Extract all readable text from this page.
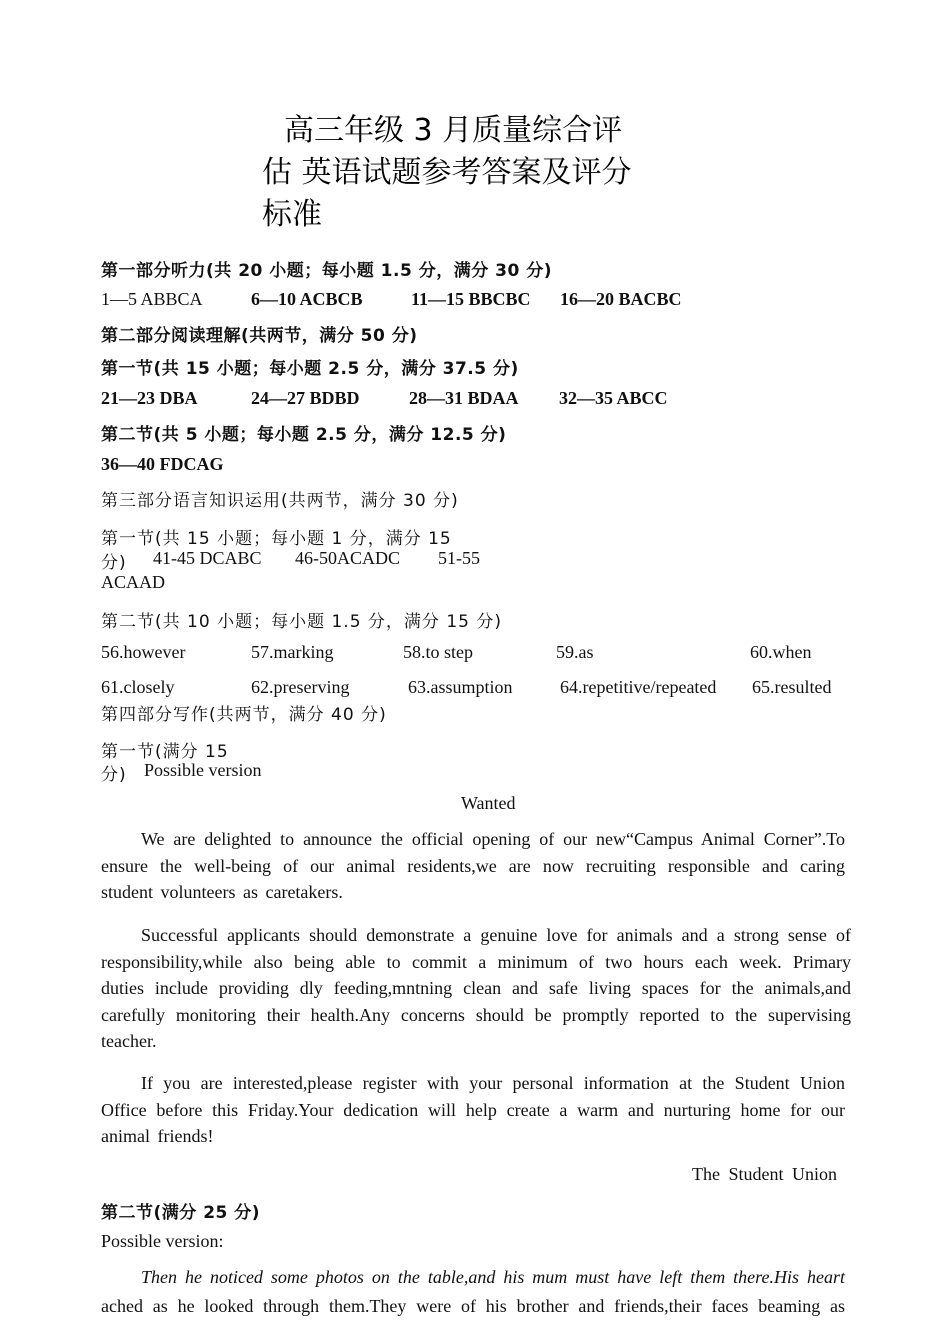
高三年级 3 月质量综合评
估 英语试题参考答案及评分
标准
第一部分听力(共 20 小题；每小题 1.5 分，满分 30 分)
1—5 ABBCA	6—10 ACBCB	11—15 BBCBC 16—20 BACBC
第二部分阅读理解(共两节，满分 50 分)
第一节(共 15 小题；每小题 2.5 分，满分 37.5 分)
21—23 DBA	24—27 BDBD	28—31 BDAA 32—35 ABCC
第二节(共 5 小题；每小题 2.5 分，满分 12.5 分)
36—40 FDCAG
第三部分语言知识运用(共两节，满分 30 分)
第一节(共 15 小题；每小题 1 分，满分 15
分) 41-45 DCABC 46-50ACADC 51-55
ACAAD
第二节(共 10 小题；每小题 1.5 分，满分 15 分)
56.however	57.marking	58.to step	59.as	60.when
61.closely	62.preserving	63.assumption	64.repetitive/repeated 65.resulted
第四部分写作(共两节，满分 40 分)
第一节(满分 15
分) Possible version
Wanted

We are delighted to announce the official opening of our new“Campus Animal Corner”.To ensure the well-being of our animal residents,we are now recruiting responsible and caring student volunteers as caretakers.

Successful applicants should demonstrate a genuine love for animals and a strong sense of responsibility,while also being able to commit a minimum of two hours each week. Primary duties include providing dly feeding,mntning clean and safe living spaces for the animals,and carefully monitoring their health.Any concerns should be promptly reported to the supervising teacher.

If you are interested,please register with your personal information at the Student Union Office before this Friday.Your dedication will help create a warm and nurturing home for our animal friends!

The Student Union
第二节(满分 25 分)
Possible version:
Then he noticed some photos on the table,and his mum must have left them there.His heart
ached as he looked through them.They were of his brother and friends,their faces beaming as
